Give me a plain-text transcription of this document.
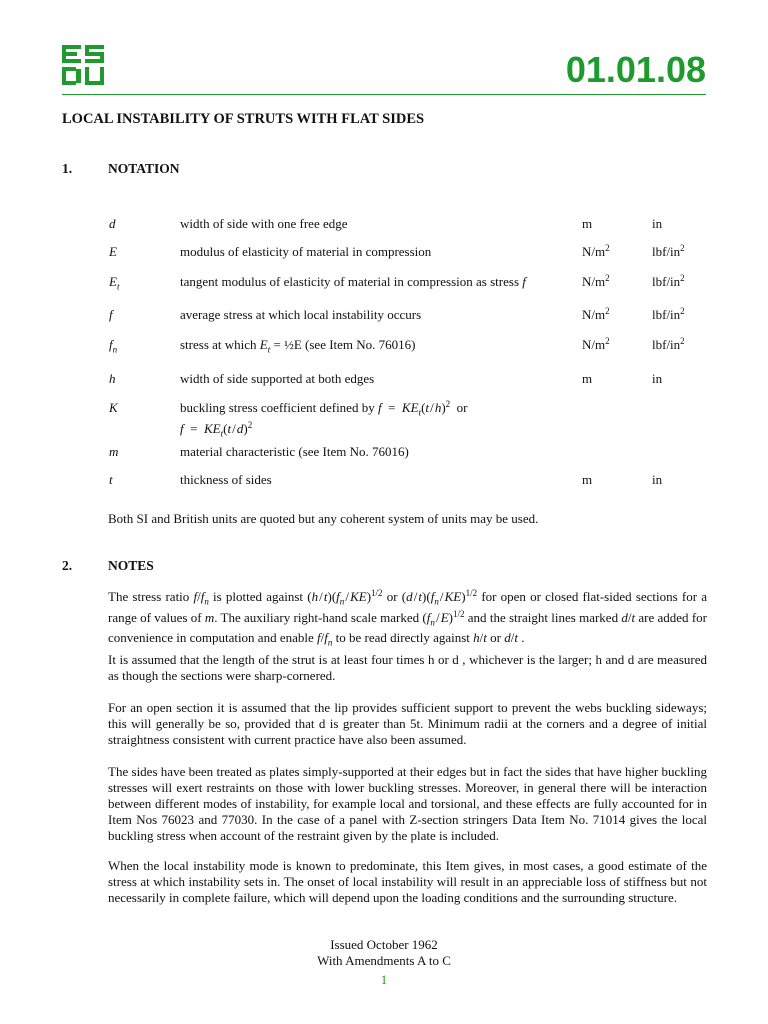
01.01.08
LOCAL INSTABILITY OF STRUTS WITH FLAT SIDES
1.	NOTATION
d	width of side with one free edge	m	in
E	modulus of elasticity of material in compression	$N/m^2$	lbf/$in^2$
$E_t$	tangent modulus of elasticity of material in compression as stress f	$N/m^2$	lbf/$in^2$
f	average stress at which local instability occurs	$N/m^2$	lbf/$in^2$
$f_n$	stress at which $E_t$ = ½E (see Item No. 76016)	$N/m^2$	lbf/$in^2$
h	width of side supported at both edges	m	in
K	buckling stress coefficient defined by $f = KE_t(t$ / h)$^2$ or
$f = KE_t(t$ / d)$^2$
m	material characteristic (see Item No. 76016)
t	thickness of sides	m	in
Both SI and British units are quoted but any coherent system of units may be used.
2.	NOTES
The stress ratio $f/f_n$ is plotted against (h / $t)(f_n$ / KE)$^{1/2}$ or (d / $t)(f_n$ / KE)$^{1/2}$ for open or closed flat-sided sections for a range of values of m. The auxiliary right-hand scale marked ($f_n$ / E)$^{1/2}$ and the straight lines marked d/t are added for convenience in computation and enable $f/f_n$ to be read directly against h/t or d/t .
It is assumed that the length of the strut is at least four times h or d , whichever is the larger; h and d are measured as though the sections were sharp-cornered.
For an open section it is assumed that the lip provides sufficient support to prevent the webs buckling sideways; this will generally be so, provided that d is greater than 5t. Minimum radii at the corners and a degree of initial straightness consistent with current practice have also been assumed.
The sides have been treated as plates simply-supported at their edges but in fact the sides that have higher buckling stresses will exert restraints on those with lower buckling stresses. Moreover, in general there will be interaction between different modes of instability, for example local and torsional, and these effects are fully accounted for in Item Nos 76023 and 77030. In the case of a panel with Z-section stringers Data Item No. 71014 gives the local buckling stress when account of the restraint given by the plate is included.
When the local instability mode is known to predominate, this Item gives, in most cases, a good estimate of the stress at which instability sets in. The onset of local instability will result in an appreciable loss of stiffness but not necessarily in complete failure, which will depend upon the loading conditions and the surrounding structure.
Issued October 1962
With Amendments A to C
1
